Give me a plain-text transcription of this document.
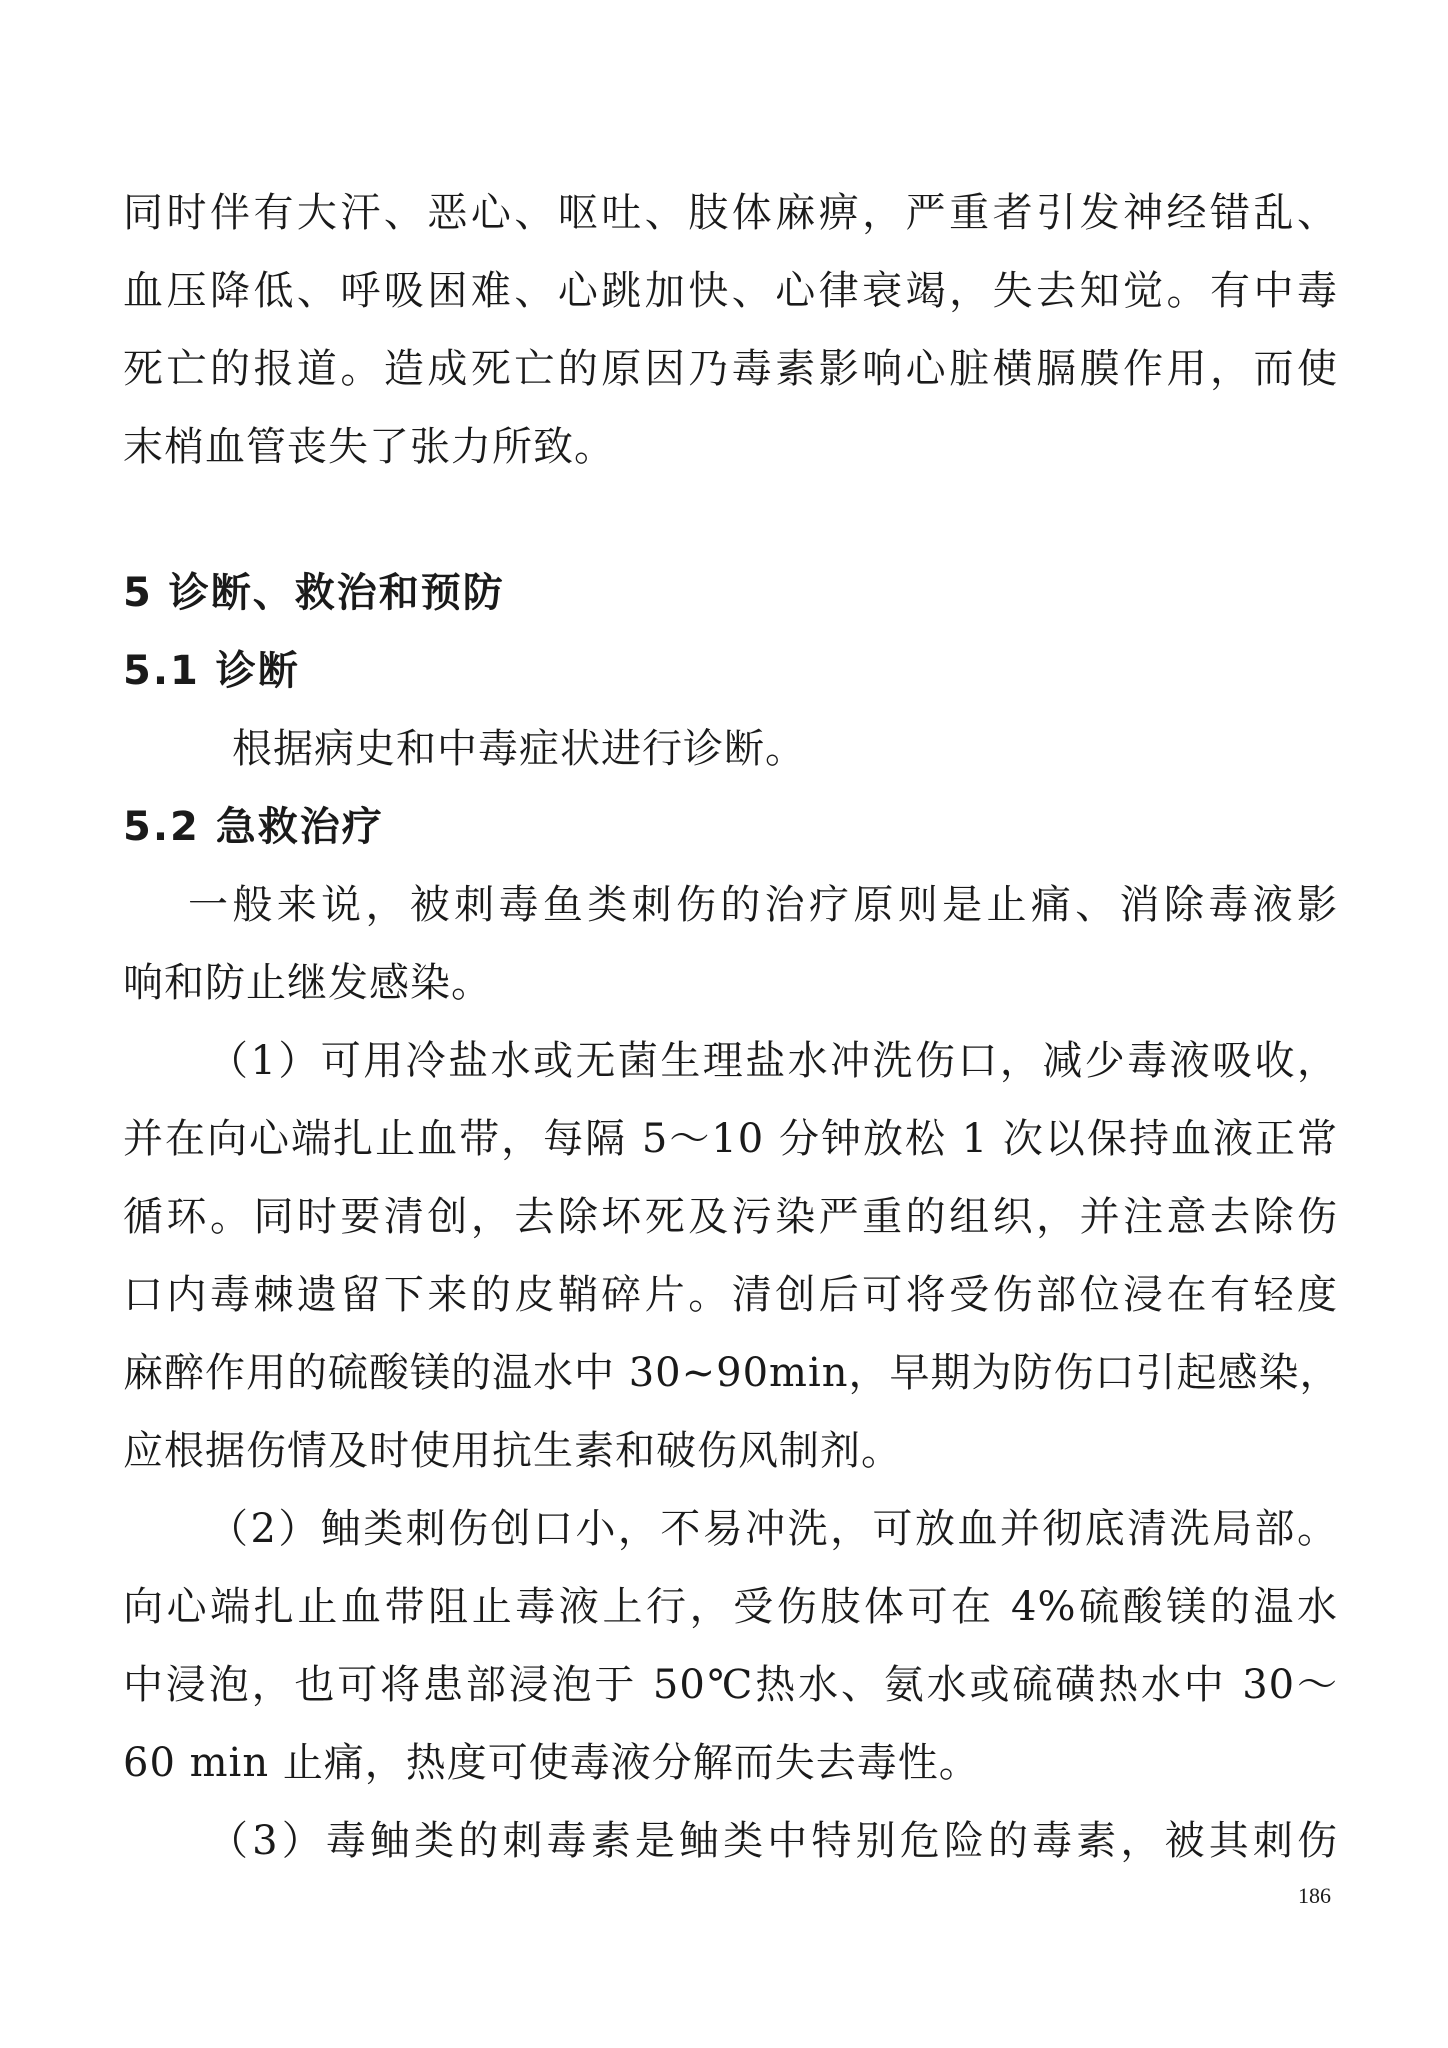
同时伴有大汗、恶心、呕吐、肢体麻痹，严重者引发神经错乱、
血压降低、呼吸困难、心跳加快、心律衰竭，失去知觉。有中毒
死亡的报道。造成死亡的原因乃毒素影响心脏横膈膜作用，而使
末梢血管丧失了张力所致。
5 诊断、救治和预防
5.1 诊断
根据病史和中毒症状进行诊断。
5.2 急救治疗
一般来说，被刺毒鱼类刺伤的治疗原则是止痛、消除毒液影
响和防止继发感染。
（1）可用冷盐水或无菌生理盐水冲洗伤口，减少毒液吸收，
并在向心端扎止血带，每隔 5～10 分钟放松 1 次以保持血液正常
循环。同时要清创，去除坏死及污染严重的组织，并注意去除伤
口内毒棘遗留下来的皮鞘碎片。清创后可将受伤部位浸在有轻度
麻醉作用的硫酸镁的温水中 30~90min，早期为防伤口引起感染，
应根据伤情及时使用抗生素和破伤风制剂。
（2）鲉类刺伤创口小，不易冲洗，可放血并彻底清洗局部。
向心端扎止血带阻止毒液上行，受伤肢体可在 4%硫酸镁的温水
中浸泡，也可将患部浸泡于 50℃热水、氨水或硫磺热水中 30～
60 min 止痛，热度可使毒液分解而失去毒性。
（3）毒鲉类的刺毒素是鲉类中特别危险的毒素，被其刺伤
186
